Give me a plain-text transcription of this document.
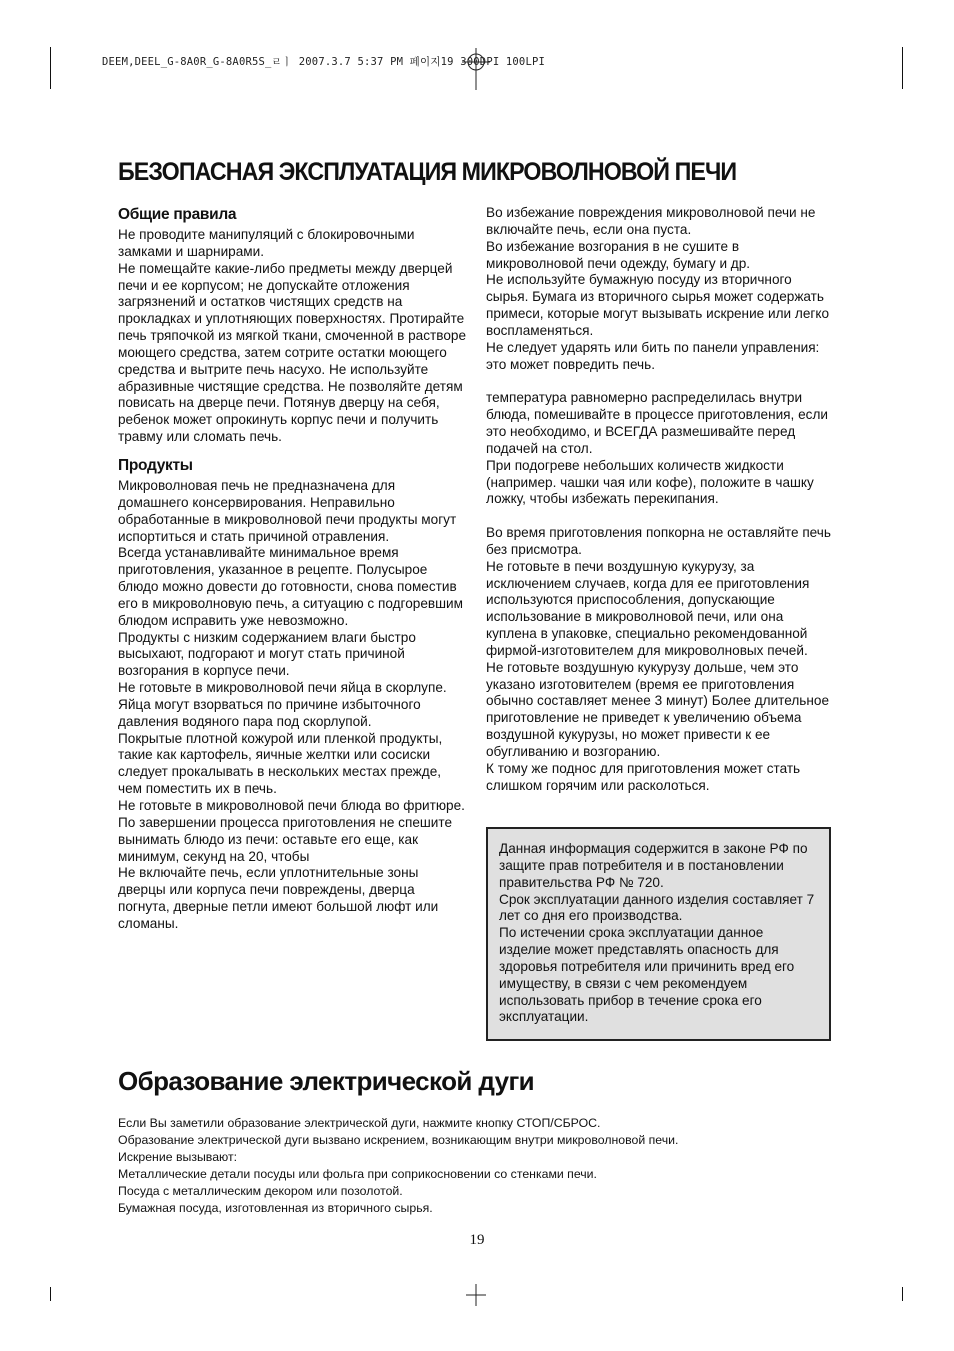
DEEM,DEEL_G-8A0R_G-8A0R5S_ㄹㅣ 2007.3.7 5:37 PM 페이지19 300DPI 100LPI
БЕЗОПАСНАЯ ЭКСПЛУАТАЦИЯ МИКРОВОЛНОВОЙ ПЕЧИ
Общие правила

Не проводите манипуляций с блокировочными замками и шарнирами.

Не помещайте какие-либо предметы между дверцей печи и ее корпусом; не допускайте отложения загрязнений и остатков чистящих средств на прокладках и уплотняющих поверхностях. Протирайте печь тряпочкой из мягкой ткани, смоченной в растворе моющего средства, затем сотрите остатки моющего средства и вытрите печь насухо. Не используйте абразивные чистящие средства. Не позволяйте детям повисать на дверце печи. Потянув дверцу на себя, ребенок может опрокинуть корпус печи и получить травму или сломать печь.

Продукты

Микроволновая печь не предназначена для домашнего консервирования. Неправильно обработанные в микроволновой печи продукты могут испортиться и стать причиной отравления.

Всегда устанавливайте минимальное время приготовления, указанное в рецепте. Полусырое блюдо можно довести до готовности, снова поместив его в микроволновую печь, а ситуацию с подгоревшим блюдом исправить уже невозможно.

Продукты с низким содержанием влаги быстро высыхают, подгорают и могут стать причиной возгорания в корпусе печи.

Не готовьте в микроволновой печи яйца в скорлупе. Яйца могут взорваться по причине избыточного давления водяного пара под скорлупой.

Покрытые плотной кожурой или пленкой продукты, такие как картофель, яичные желтки или сосиски следует прокалывать в нескольких местах прежде, чем поместить их в печь.

Не готовьте в микроволновой печи блюда во фритюре.

По завершении процесса приготовления не спешите вынимать блюдо из печи: оставьте его еще, как минимум, секунд на 20, чтобы

Не включайте печь, если уплотнительные зоны дверцы или корпуса печи повреждены, дверца погнута, дверные петли имеют большой люфт или сломаны.

Во избежание повреждения микроволновой печи не включайте печь, если она пуста.

Во избежание возгорания в не сушите в микроволновой печи одежду, бумагу и др.

Не используйте бумажную посуду из вторичного сырья. Бумага из вторичного сырья может содержать примеси, которые могут вызывать искрение или легко воспламеняться.

Не следует ударять или бить по панели управления: это может повредить печь.

температура равномерно распределилась внутри блюда, помешивайте в процессе приготовления, если это необходимо, и ВСЕГДА размешивайте перед подачей на стол.

При подогреве небольших количеств жидкости (например. чашки чая или кофе), положите в чашку ложку, чтобы избежать перекипания.

Во время приготовления попкорна не оставляйте печь без присмотра.

Не готовьте в печи воздушную кукурузу, за исключением случаев, когда для ее приготовления используются приспособления, допускающие использование в микроволновой печи, или она куплена в упаковке, специально рекомендованной фирмой-изготовителем для микроволновых печей.

Не готовьте воздушную кукурузу дольше, чем это указано изготовителем (время ее приготовления обычно составляет менее 3 минут) Более длительное приготовление не приведет к увеличению объема воздушной кукурузы, но может привести к ее обугливанию и возгоранию.

К тому же поднос для приготовления может стать слишком горячим или расколоться.

Данная информация содержится в законе РФ по защите прав потребителя и в постановлении правительства РФ № 720.

Срок эксплуатации данного изделия составляет 7 лет со дня его производства.

По истечении срока эксплуатации данное изделие может представлять опасность для здоровья потребителя или причинить вред его имуществу, в связи с чем рекомендуем использовать прибор в течение срока его эксплуатации.

Образование электрической дуги

Если Вы заметили образование электрической дуги, нажмите кнопку СТОП/СБРОС.

Образование электрической дуги вызвано искрением, возникающим внутри микроволновой печи.

Искрение вызывают:

Металлические детали посуды или фольга при соприкосновении со стенками печи.

Посуда с металлическим декором или позолотой.

Бумажная посуда, изготовленная из вторичного сырья.

19
